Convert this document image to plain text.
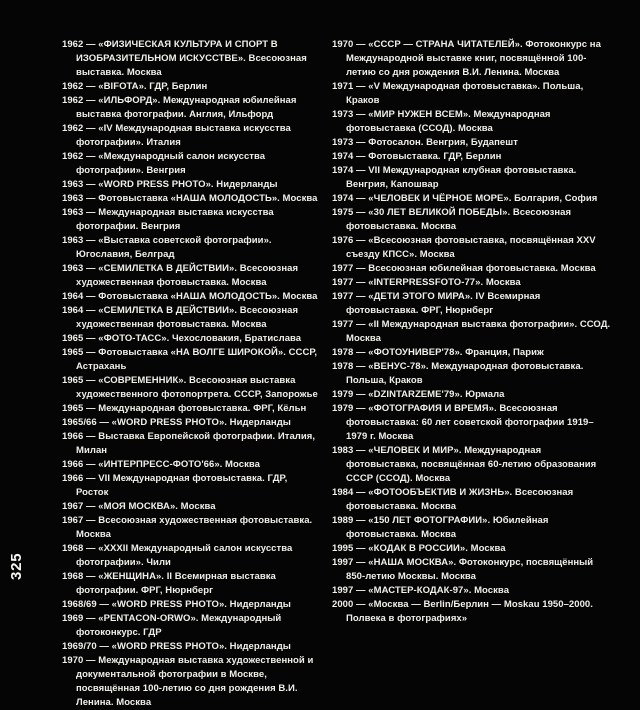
1962 — «ФИЗИЧЕСКАЯ КУЛЬТУРА И СПОРТ В ИЗОБРАЗИТЕЛЬНОМ ИСКУССТВЕ». Всесоюзная выставка. Москва
1962 — «BIFOTA». ГДР, Берлин
1962 — «ИЛЬФОРД». Международная юбилейная выставка фотографии. Англия, Ильфорд
1962 — «IV Международная выставка искусства фотографии». Италия
1962 — «Международный салон искусства фотографии». Венгрия
1963 — «WORD PRESS PHOTO». Нидерланды
1963 — Фотовыставка «НАША МОЛОДОСТЬ». Москва
1963 — Международная выставка искусства фотографии. Венгрия
1963 — «Выставка советской фотографии». Югославия, Белград
1963 — «СЕМИЛЕТКА В ДЕЙСТВИИ». Всесоюзная художественная фотовыставка. Москва
1964 — Фотовыставка «НАША МОЛОДОСТЬ». Москва
1964 — «СЕМИЛЕТКА В ДЕЙСТВИИ». Всесоюзная художественная фотовыставка. Москва
1965 — «ФОТО-ТАСС». Чехословакия, Братислава
1965 — Фотовыставка «НА ВОЛГЕ ШИРОКОЙ». СССР, Астрахань
1965 — «СОВРЕМЕННИК». Всесоюзная выставка художественного фотопортрета. СССР, Запорожье
1965 — Международная фотовыставка. ФРГ, Кёльн
1965/66 — «WORD PRESS PHOTO». Нидерланды
1966 — Выставка Европейской фотографии. Италия, Милан
1966 — «ИНТЕРПРЕСС-ФОТО'66». Москва
1966 — VII Международная фотовыставка. ГДР, Росток
1967 — «МОЯ МОСКВА». Москва
1967 — Всесоюзная художественная фотовыставка. Москва
1968 — «XXXII Международный салон искусства фотографии». Чили
1968 — «ЖЕНЩИНА». II Всемирная выставка фотографии. ФРГ, Нюрнберг
1968/69 — «WORD PRESS PHOTO». Нидерланды
1969 — «PENTACON-ORWO». Международный фотоконкурс. ГДР
1969/70 — «WORD PRESS PHOTO». Нидерланды
1970 — Международная выставка художественной и документальной фотографии в Москве, посвящённая 100-летию со дня рождения В.И. Ленина. Москва
1970 — «СССР — СТРАНА ЧИТАТЕЛЕЙ». Фотоконкурс на Международной выставке книг, посвящённой 100-летию со дня рождения В.И. Ленина. Москва
1971 — «V Международная фотовыставка». Польша, Краков
1973 — «МИР НУЖЕН ВСЕМ». Международная фотовыставка (ССОД). Москва
1973 — Фотосалон. Венгрия, Будапешт
1974 — Фотовыставка. ГДР, Берлин
1974 — VII Международная клубная фотовыставка. Венгрия, Капошвар
1974 — «ЧЕЛОВЕК И ЧЁРНОЕ МОРЕ». Болгария, София
1975 — «30 ЛЕТ ВЕЛИКОЙ ПОБЕДЫ». Всесоюзная фотовыставка. Москва
1976 — «Всесоюзная фотовыставка, посвящённая XXV съезду КПСС». Москва
1977 — Всесоюзная юбилейная фотовыставка. Москва
1977 — «INTERPRESSFOTO-77». Москва
1977 — «ДЕТИ ЭТОГО МИРА». IV Всемирная фотовыставка. ФРГ, Нюрнберг
1977 — «II Международная выставка фотографии». ССОД. Москва
1978 — «ФОТОУНИВЕР'78». Франция, Париж
1978 — «ВЕНУС-78». Международная фотовыставка. Польша, Краков
1979 — «DZINTARZEME'79». Юрмала
1979 — «ФОТОГРАФИЯ И ВРЕМЯ». Всесоюзная фотовыставка: 60 лет советской фотографии 1919–1979 г. Москва
1983 — «ЧЕЛОВЕК И МИР». Международная фотовыставка, посвящённая 60-летию образования СССР (ССОД). Москва
1984 — «ФОТООБЪЕКТИВ И ЖИЗНЬ». Всесоюзная фотовыставка. Москва
1989 — «150 ЛЕТ ФОТОГРАФИИ». Юбилейная фотовыставка. Москва
1995 — «КОДАК В РОССИИ». Москва
1997 — «НАША МОСКВА». Фотоконкурс, посвящённый 850-летию Москвы. Москва
1997 — «МАСТЕР-КОДАК-97». Москва
2000 — «Москва — Berlin/Берлин — Moskau 1950–2000. Полвека в фотографиях»
325
